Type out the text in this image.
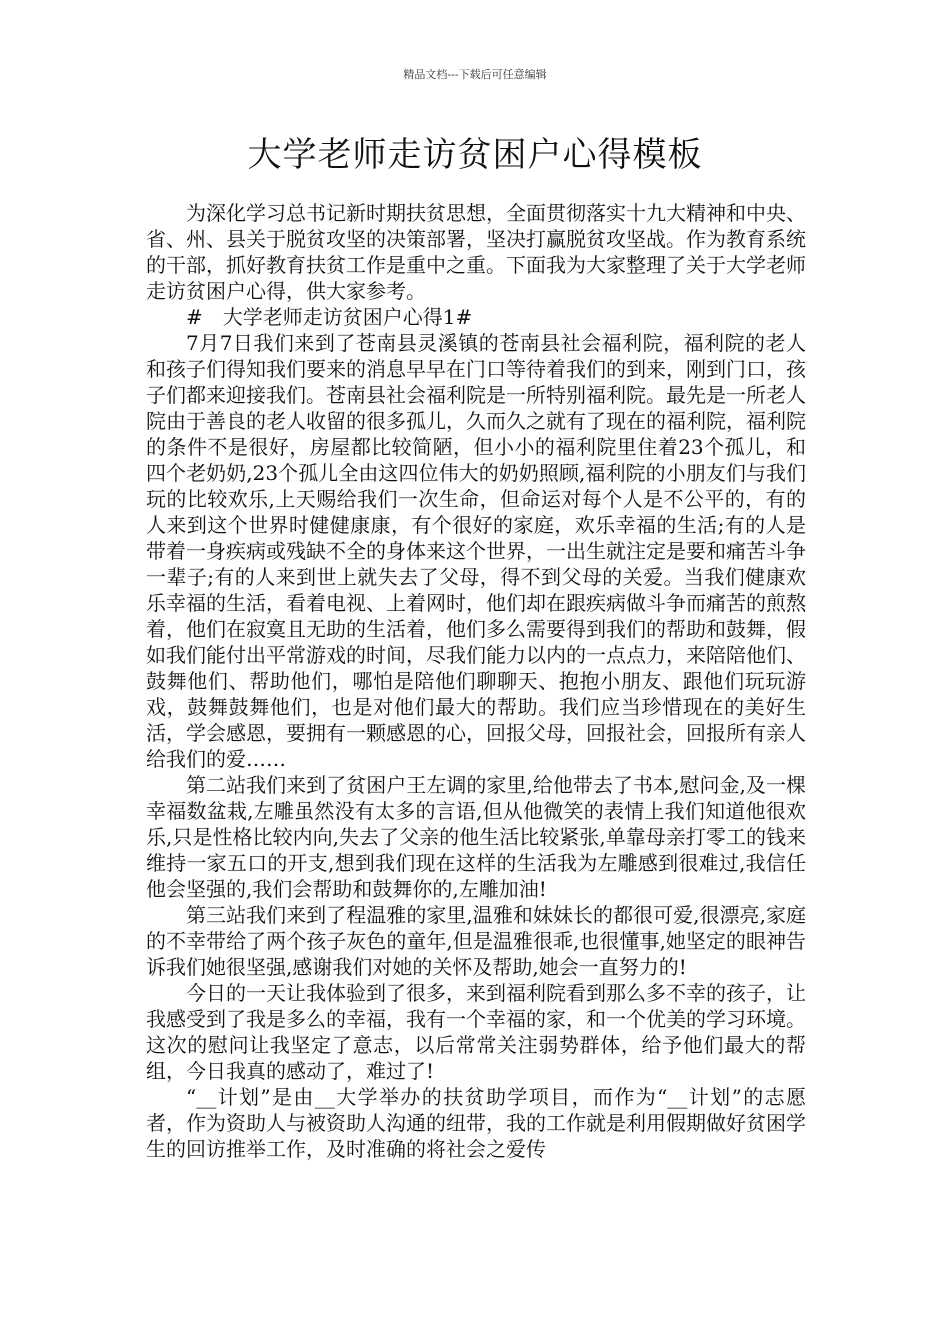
精品文档---下载后可任意编辑
大学老师走访贫困户心得模板

为深化学习总书记新时期扶贫思想，全面贯彻落实十九大精神和中央、省、州、县关于脱贫攻坚的决策部署，坚决打赢脱贫攻坚战。作为教育系统的干部，抓好教育扶贫工作是重中之重。下面我为大家整理了关于大学老师走访贫困户心得，供大家参考。

#　大学老师走访贫困户心得1#

7月7日我们来到了苍南县灵溪镇的苍南县社会福利院，福利院的老人和孩子们得知我们要来的消息早早在门口等待着我们的到来，刚到门口，孩子们都来迎接我们。苍南县社会福利院是一所特别福利院。最先是一所老人院由于善良的老人收留的很多孤儿，久而久之就有了现在的福利院，福利院的条件不是很好，房屋都比较简陋，但小小的福利院里住着23个孤儿，和四个老奶奶,23个孤儿全由这四位伟大的奶奶照顾,福利院的小朋友们与我们玩的比较欢乐,上天赐给我们一次生命，但命运对每个人是不公平的，有的人来到这个世界时健健康康，有个很好的家庭，欢乐幸福的生活;有的人是带着一身疾病或残缺不全的身体来这个世界，一出生就注定是要和痛苦斗争一辈子;有的人来到世上就失去了父母，得不到父母的关爱。当我们健康欢乐幸福的生活，看着电视、上着网时，他们却在跟疾病做斗争而痛苦的煎熬着，他们在寂寞且无助的生活着，他们多么需要得到我们的帮助和鼓舞，假如我们能付出平常游戏的时间，尽我们能力以内的一点点力，来陪陪他们、鼓舞他们、帮助他们，哪怕是陪他们聊聊天、抱抱小朋友、跟他们玩玩游戏，鼓舞鼓舞他们，也是对他们最大的帮助。我们应当珍惜现在的美好生活，学会感恩，要拥有一颗感恩的心，回报父母，回报社会，回报所有亲人给我们的爱……

第二站我们来到了贫困户王左调的家里,给他带去了书本,慰问金,及一棵幸福数盆栽,左雕虽然没有太多的言语,但从他微笑的表情上我们知道他很欢乐,只是性格比较内向,失去了父亲的他生活比较紧张,单靠母亲打零工的钱来维持一家五口的开支,想到我们现在这样的生活我为左雕感到很难过,我信任他会坚强的,我们会帮助和鼓舞你的,左雕加油!

第三站我们来到了程温雅的家里,温雅和妹妹长的都很可爱,很漂亮,家庭的不幸带给了两个孩子灰色的童年,但是温雅很乖,也很懂事,她坚定的眼神告诉我们她很坚强,感谢我们对她的关怀及帮助,她会一直努力的!

今日的一天让我体验到了很多，来到福利院看到那么多不幸的孩子，让我感受到了我是多么的幸福，我有一个幸福的家，和一个优美的学习环境。这次的慰问让我坚定了意志，以后常常关注弱势群体，给予他们最大的帮组，今日我真的感动了，难过了!

“__计划”是由__大学举办的扶贫助学项目，而作为“__计划”的志愿者，作为资助人与被资助人沟通的纽带，我的工作就是利用假期做好贫困学生的回访推举工作，及时准确的将社会之爱传
